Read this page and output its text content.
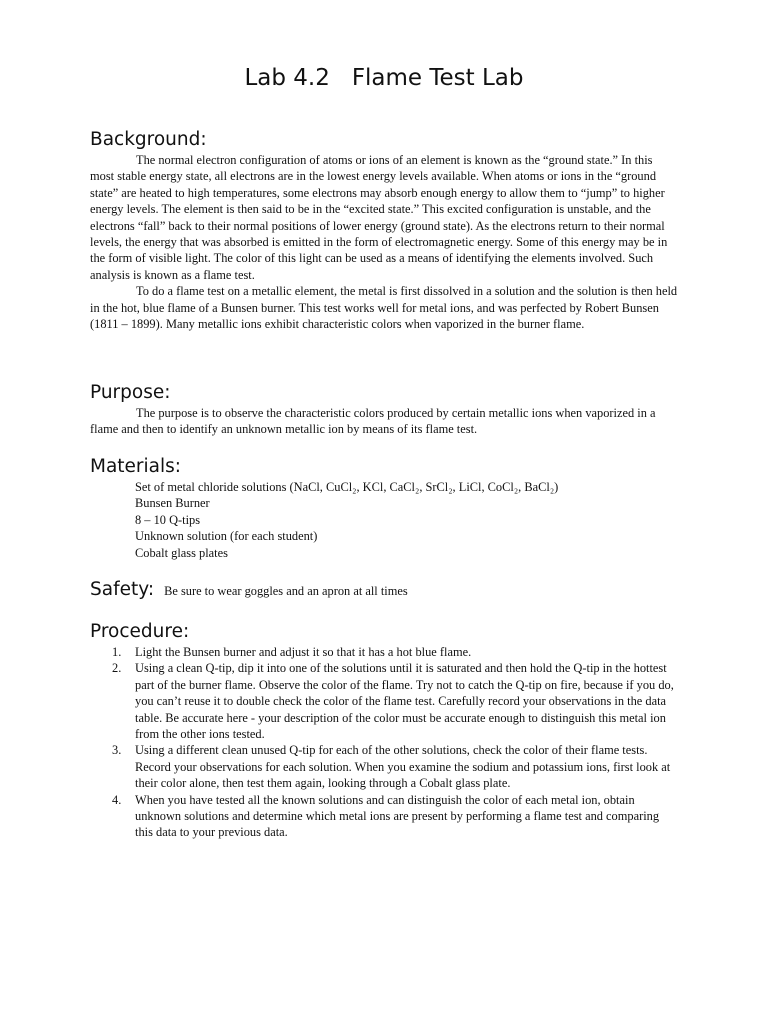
Lab 4.2   Flame Test Lab
Background:

The normal electron configuration of atoms or ions of an element is known as the “ground state.” In this most stable energy state, all electrons are in the lowest energy levels available. When atoms or ions in the “ground state” are heated to high temperatures, some electrons may absorb enough energy to allow them to “jump” to higher energy levels. The element is then said to be in the “excited state.” This excited configuration is unstable, and the electrons “fall” back to their normal positions of lower energy (ground state). As the electrons return to their normal levels, the energy that was absorbed is emitted in the form of electromagnetic energy. Some of this energy may be in the form of visible light. The color of this light can be used as a means of identifying the elements involved. Such analysis is known as a flame test.

To do a flame test on a metallic element, the metal is first dissolved in a solution and the solution is then held in the hot, blue flame of a Bunsen burner. This test works well for metal ions, and was perfected by Robert Bunsen (1811 – 1899). Many metallic ions exhibit characteristic colors when vaporized in the burner flame.

Purpose:

The purpose is to observe the characteristic colors produced by certain metallic ions when vaporized in a flame and then to identify an unknown metallic ion by means of its flame test.

Materials:
Set of metal chloride solutions (NaCl, CuCl₂, KCl, CaCl₂, SrCl₂, LiCl, CoCl₂, BaCl₂)
Bunsen Burner
8 – 10 Q-tips
Unknown solution (for each student)
Cobalt glass plates
Safety: Be sure to wear goggles and an apron at all times
Procedure:
1. Light the Bunsen burner and adjust it so that it has a hot blue flame.
2. Using a clean Q-tip, dip it into one of the solutions until it is saturated and then hold the Q-tip in the hottest part of the burner flame. Observe the color of the flame. Try not to catch the Q-tip on fire, because if you do, you can’t reuse it to double check the color of the flame test. Carefully record your observations in the data table. Be accurate here - your description of the color must be accurate enough to distinguish this metal ion from the other ions tested.
3. Using a different clean unused Q-tip for each of the other solutions, check the color of their flame tests. Record your observations for each solution. When you examine the sodium and potassium ions, first look at their color alone, then test them again, looking through a Cobalt glass plate.
4. When you have tested all the known solutions and can distinguish the color of each metal ion, obtain unknown solutions and determine which metal ions are present by performing a flame test and comparing this data to your previous data.
